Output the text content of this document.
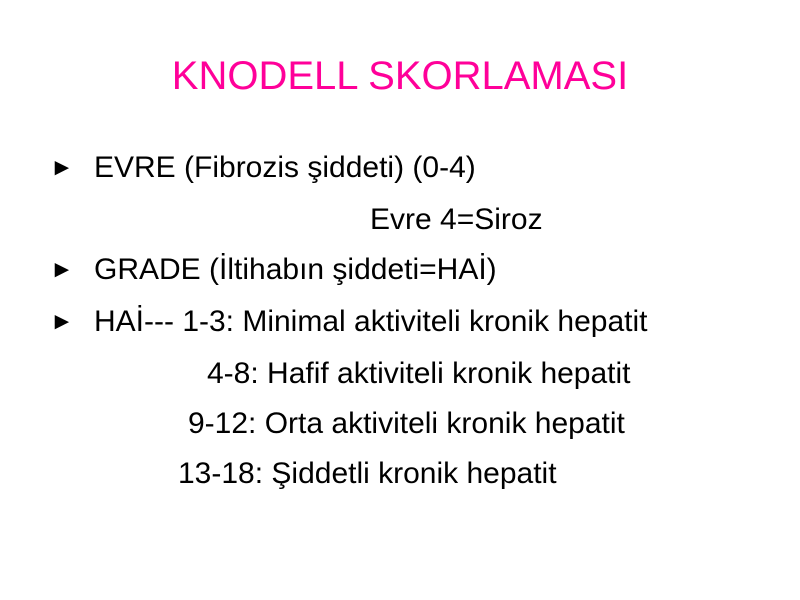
KNODELL SKORLAMASI
► EVRE (Fibrozis şiddeti) (0-4)
Evre 4=Siroz
► GRADE (İltihabın şiddeti=HAİ)
► HAİ--- 1-3: Minimal aktiviteli kronik hepatit
4-8: Hafif aktiviteli kronik hepatit
9-12: Orta aktiviteli kronik hepatit
13-18: Şiddetli kronik hepatit
